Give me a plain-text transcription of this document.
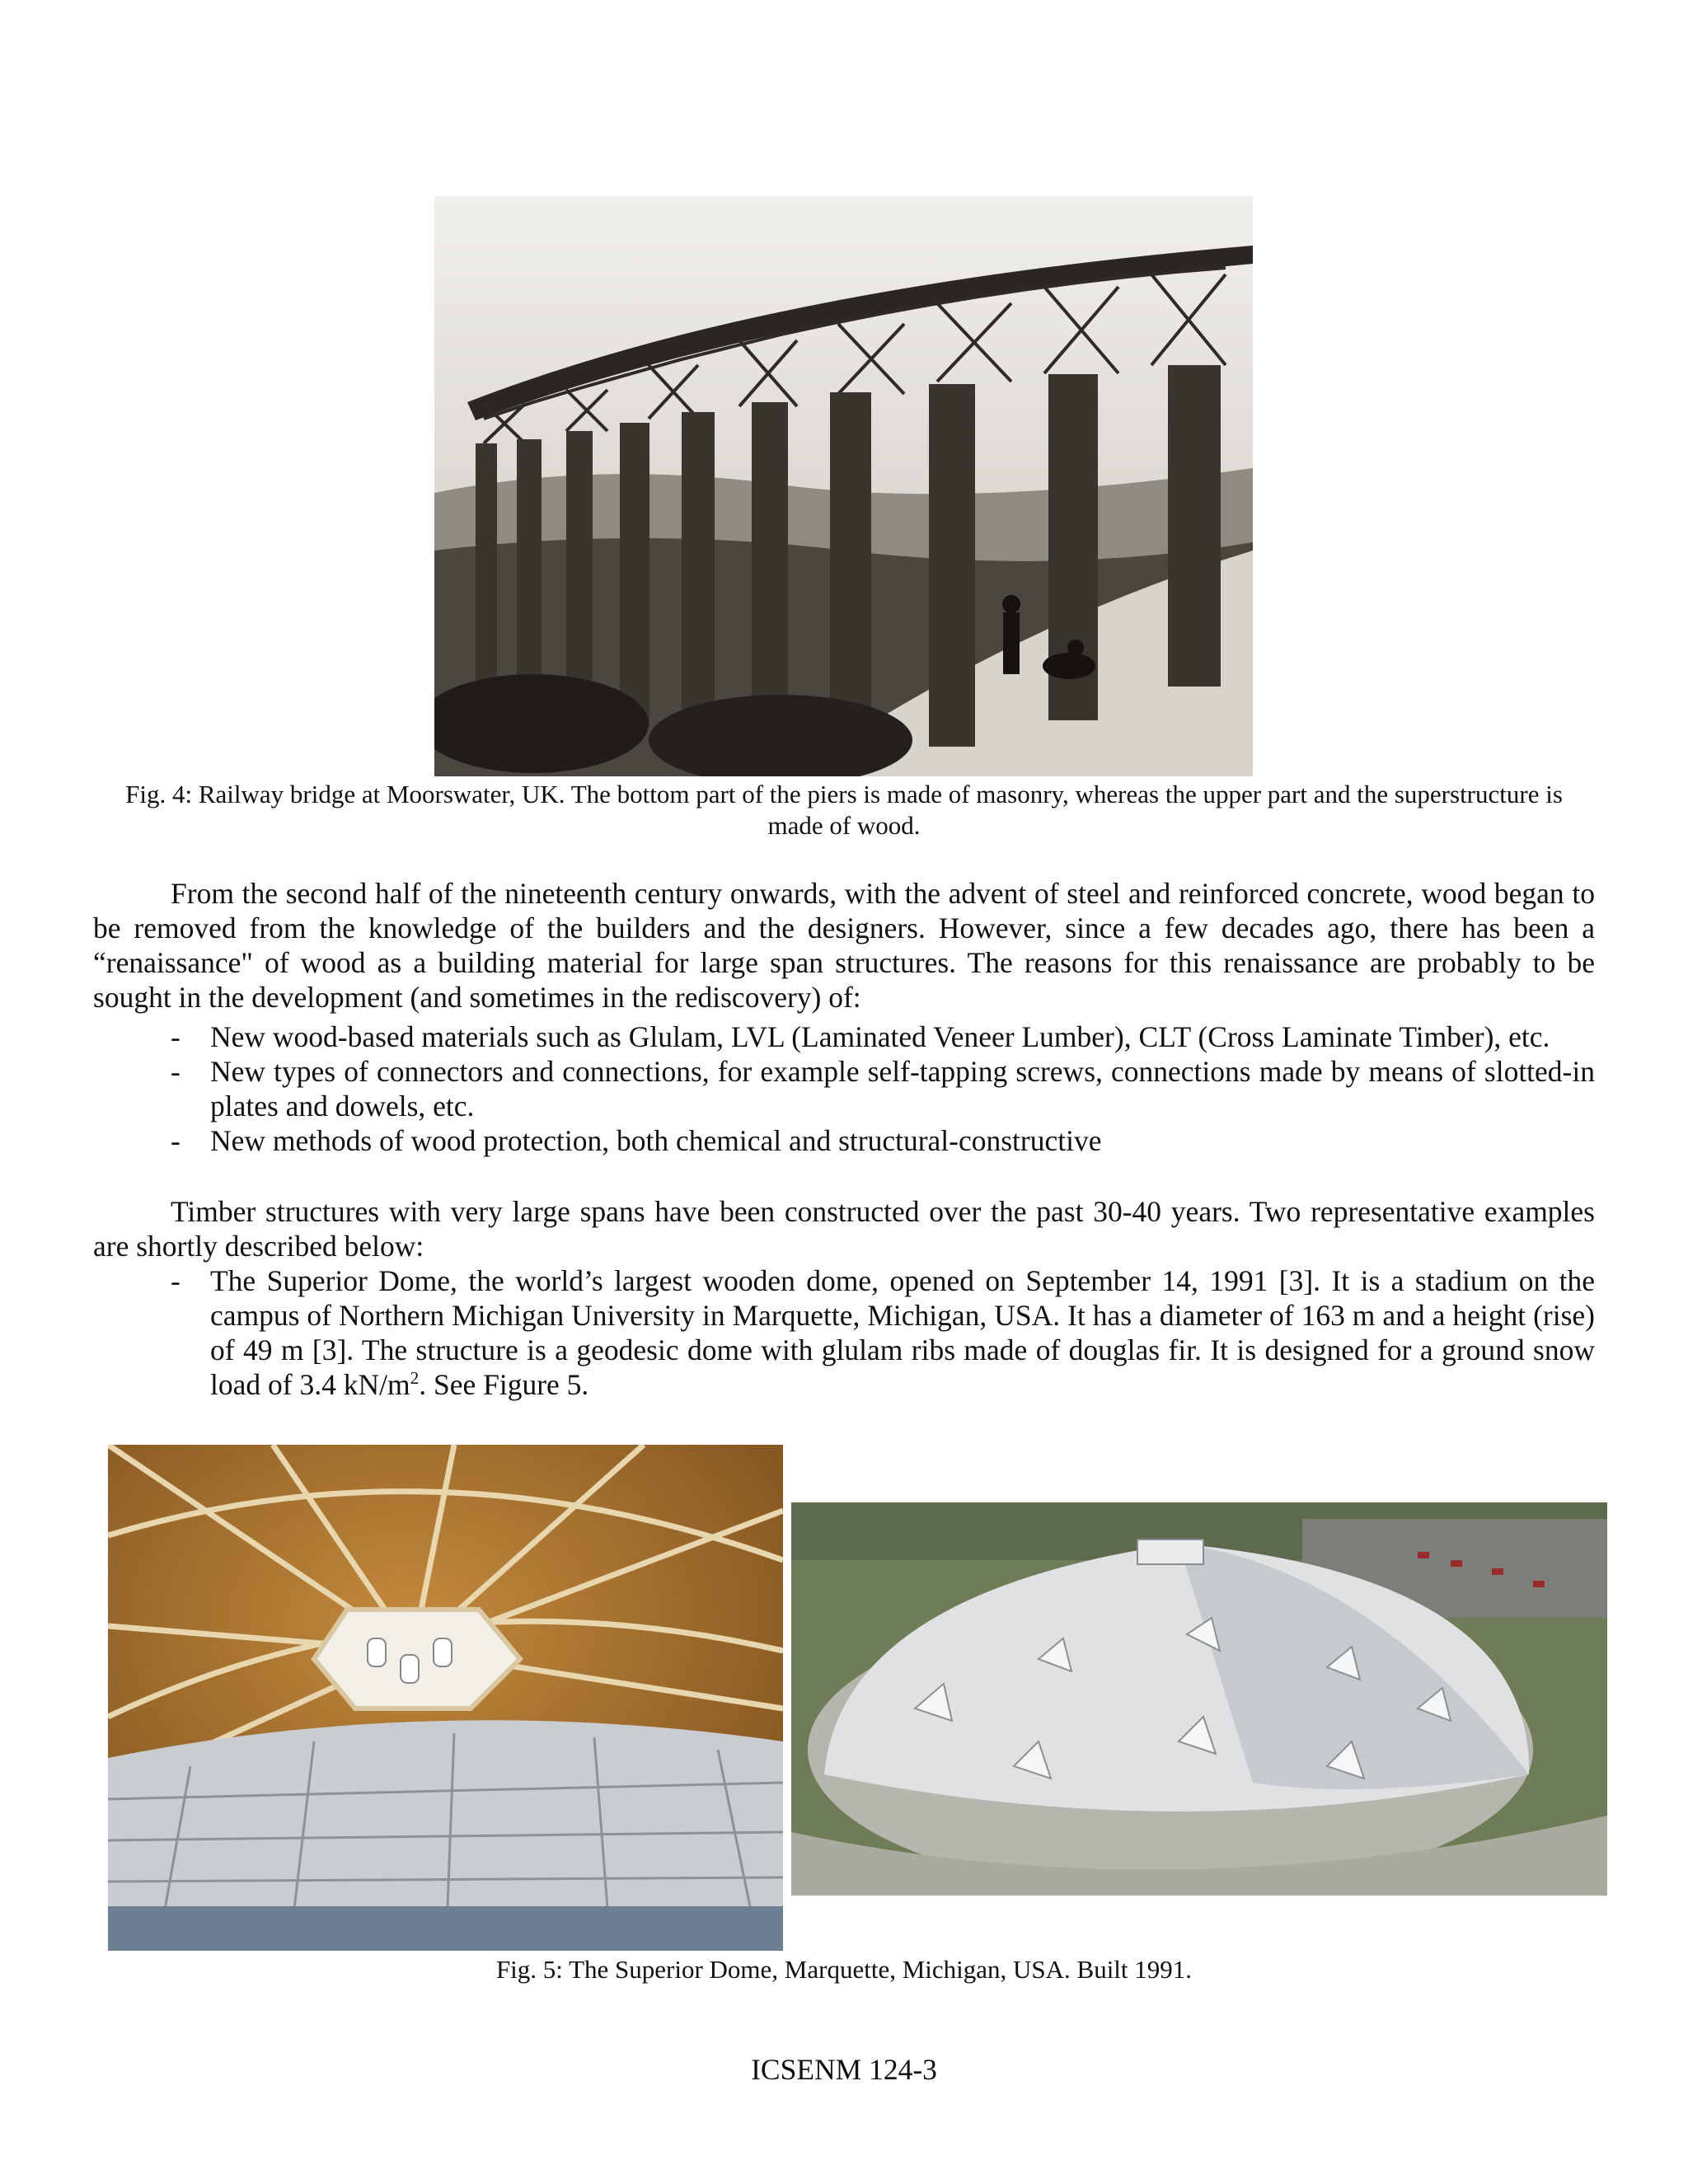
Fig. 4: Railway bridge at Moorswater, UK. The bottom part of the piers is made of masonry, whereas the upper part and the superstructure is made of wood.

From the second half of the nineteenth century onwards, with the advent of steel and reinforced concrete, wood began to be removed from the knowledge of the builders and the designers. However, since a few decades ago, there has been a “renaissance" of wood as a building material for large span structures. The reasons for this renaissance are probably to be sought in the development (and sometimes in the rediscovery) of:

- New wood-based materials such as Glulam, LVL (Laminated Veneer Lumber), CLT (Cross Laminate Timber), etc.
- New types of connectors and connections, for example self-tapping screws, connections made by means of slotted-in plates and dowels, etc.
- New methods of wood protection, both chemical and structural-constructive

Timber structures with very large spans have been constructed over the past 30-40 years. Two representative examples are shortly described below:

- The Superior Dome, the world’s largest wooden dome, opened on September 14, 1991 [3]. It is a stadium on the campus of Northern Michigan University in Marquette, Michigan, USA. It has a diameter of 163 m and a height (rise) of 49 m [3]. The structure is a geodesic dome with glulam ribs made of douglas fir. It is designed for a ground snow load of 3.4 $kN/m^2$. See Figure 5.
Fig. 5: The Superior Dome, Marquette, Michigan, USA. Built 1991.
ICSENM 124-3
